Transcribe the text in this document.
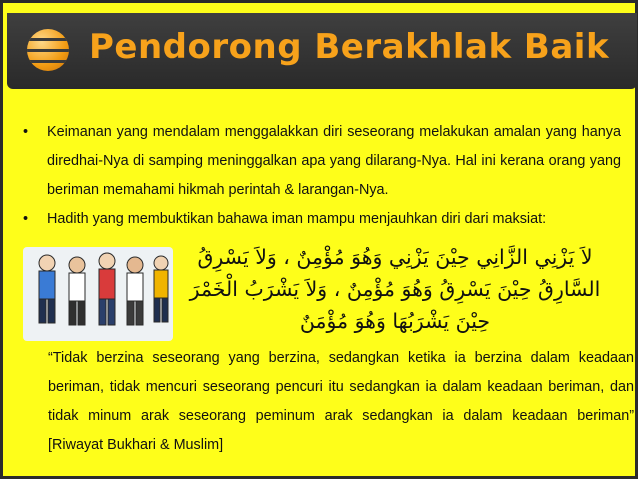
Pendorong Berakhlak Baik
• Keimanan yang mendalam menggalakkan diri seseorang melakukan amalan yang hanya diredhai-Nya di samping meninggalkan apa yang dilarang-Nya. Hal ini kerana orang yang beriman memahami hikmah perintah & larangan-Nya.
• Hadith yang membuktikan bahawa iman mampu menjauhkan diri dari maksiat:
لاَ يَزْنِي الزَّانِي حِيْنَ يَزْنِي وَهُوَ مُؤْمِنٌ ، وَلاَ يَسْرِقُ
السَّارِقُ حِيْنَ يَسْرِقُ وَهُوَ مُؤْمِنٌ ، وَلاَ يَشْرَبُ الْخَمْرَ
حِيْنَ يَشْرَبُهَا وَهُوَ مُؤْمَنٌ
“Tidak berzina seseorang yang berzina, sedangkan ketika ia berzina dalam keadaan beriman, tidak mencuri seseorang pencuri itu sedangkan ia dalam keadaan beriman, dan tidak minum arak seseorang peminum arak sedangkan ia dalam keadaan beriman” [Riwayat Bukhari & Muslim]
